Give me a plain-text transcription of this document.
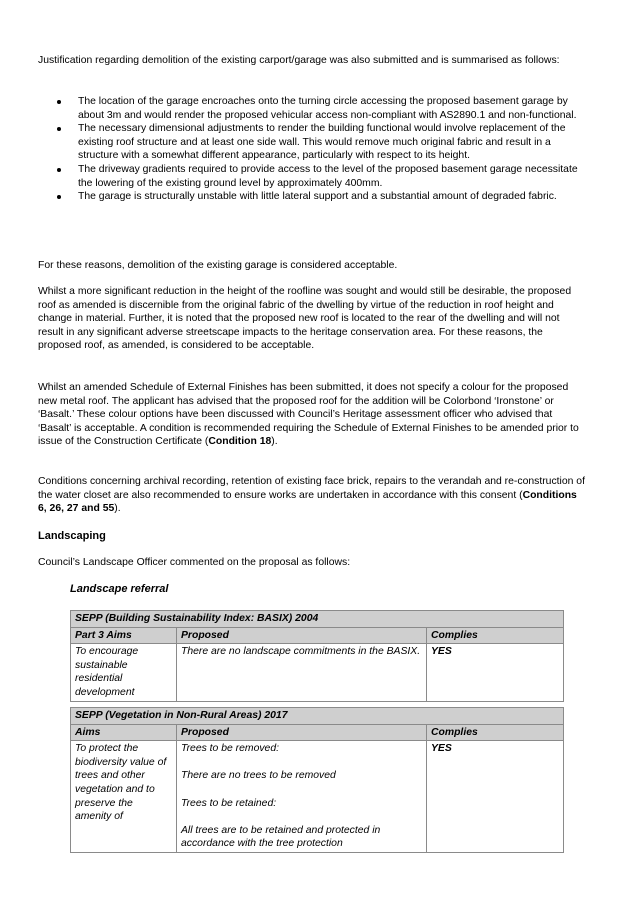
Justification regarding demolition of the existing carport/garage was also submitted and is summarised as follows:

The location of the garage encroaches onto the turning circle accessing the proposed basement garage by about 3m and would render the proposed vehicular access non-compliant with AS2890.1 and non-functional.
The necessary dimensional adjustments to render the building functional would involve replacement of the existing roof structure and at least one side wall. This would remove much original fabric and result in a structure with a somewhat different appearance, particularly with respect to its height.
The driveway gradients required to provide access to the level of the proposed basement garage necessitate the lowering of the existing ground level by approximately 400mm.
The garage is structurally unstable with little lateral support and a substantial amount of degraded fabric.

For these reasons, demolition of the existing garage is considered acceptable.

Whilst a more significant reduction in the height of the roofline was sought and would still be desirable, the proposed roof as amended is discernible from the original fabric of the dwelling by virtue of the reduction in roof height and change in material. Further, it is noted that the proposed new roof is located to the rear of the dwelling and will not result in any significant adverse streetscape impacts to the heritage conservation area. For these reasons, the proposed roof, as amended, is considered to be acceptable.

Whilst an amended Schedule of External Finishes has been submitted, it does not specify a colour for the proposed new metal roof. The applicant has advised that the proposed roof for the addition will be Colorbond ‘Ironstone’ or ‘Basalt.’ These colour options have been discussed with Council’s Heritage assessment officer who advised that ‘Basalt’ is acceptable. A condition is recommended requiring the Schedule of External Finishes to be amended prior to issue of the Construction Certificate (Condition 18).

Conditions concerning archival recording, retention of existing face brick, repairs to the verandah and re-construction of the water closet are also recommended to ensure works are undertaken in accordance with this consent (Conditions 6, 26, 27 and 55).

Landscaping

Council’s Landscape Officer commented on the proposal as follows:

Landscape referral
SEPP (Building Sustainability Index: BASIX) 2004		
Part 3 Aims	Proposed	Complies
To encourage sustainable residential development	There are no landscape commitments in the BASIX.	YES
SEPP (Vegetation in Non-Rural Areas) 2017		
Aims	Proposed	Complies
To protect the biodiversity value of trees and other vegetation and to preserve the amenity of	Trees to be removed:
There are no trees to be removed
Trees to be retained:
All trees are to be retained and protected in accordance with the tree protection	YES
